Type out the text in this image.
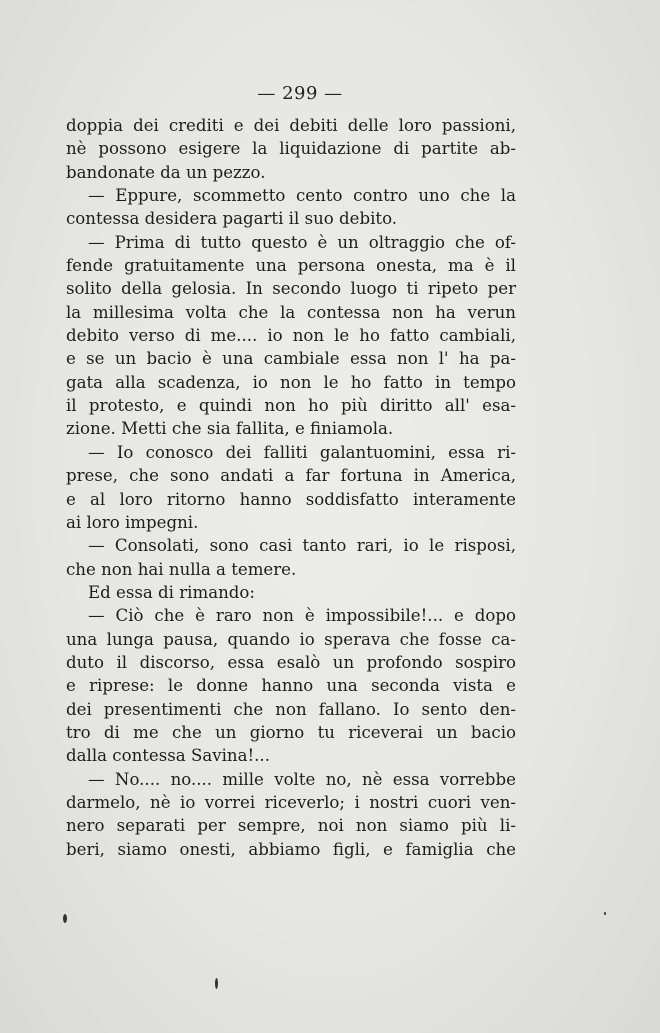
— 299 —
doppia dei crediti e dei debiti delle loro passioni,
nè possono esigere la liquidazione di partite ab-
bandonate da un pezzo.
— Eppure, scommetto cento contro uno che la
contessa desidera pagarti il suo debito.
— Prima di tutto questo è un oltraggio che of-
fende gratuitamente una persona onesta, ma è il
solito della gelosia. In secondo luogo ti ripeto per
la millesima volta che la contessa non ha verun
debito verso di me.... io non le ho fatto cambiali,
e se un bacio è una cambiale essa non l' ha pa-
gata alla scadenza, io non le ho fatto in tempo
il protesto, e quindi non ho più diritto all' esa-
zione. Metti che sia fallita, e finiamola.
— Io conosco dei falliti galantuomini, essa ri-
prese, che sono andati a far fortuna in America,
e al loro ritorno hanno soddisfatto interamente
ai loro impegni.
— Consolati, sono casi tanto rari, io le risposi,
che non hai nulla a temere.
Ed essa di rimando:
— Ciò che è raro non è impossibile!... e dopo
una lunga pausa, quando io sperava che fosse ca-
duto il discorso, essa esalò un profondo sospiro
e riprese: le donne hanno una seconda vista e
dei presentimenti che non fallano. Io sento den-
tro di me che un giorno tu riceverai un bacio
dalla contessa Savina!...
— No.... no.... mille volte no, nè essa vorrebbe
darmelo, nè io vorrei riceverlo; i nostri cuori ven-
nero separati per sempre, noi non siamo più li-
beri, siamo onesti, abbiamo figli, e famiglia che
